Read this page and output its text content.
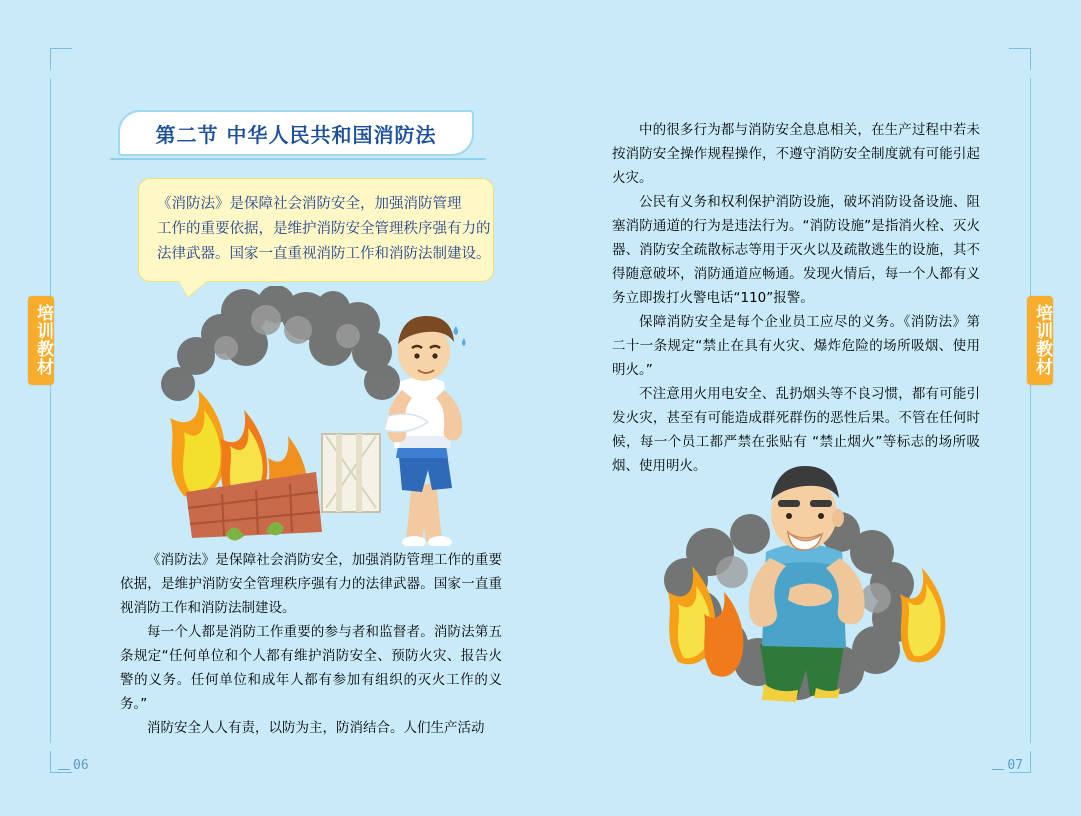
培训教材	培训教材
06	07
第二节 中华人民共和国消防法
《消防法》是保障社会消防安全，加强消防管理
工作的重要依据，是维护消防安全管理秩序强有力的
法律武器。国家一直重视消防工作和消防法制建设。

《消防法》是保障社会消防安全，加强消防管理工作的重要依据，是维护消防安全管理秩序强有力的法律武器。国家一直重视消防工作和消防法制建设。

每一个人都是消防工作重要的参与者和监督者。消防法第五条规定“任何单位和个人都有维护消防安全、预防火灾、报告火警的义务。任何单位和成年人都有参加有组织的灭火工作的义务。”

消防安全人人有责，以防为主，防消结合。人们生产活动

中的很多行为都与消防安全息息相关，在生产过程中若未按消防安全操作规程操作，不遵守消防安全制度就有可能引起火灾。

公民有义务和权利保护消防设施，破坏消防设备设施、阻塞消防通道的行为是违法行为。“消防设施”是指消火栓、灭火器、消防安全疏散标志等用于灭火以及疏散逃生的设施，其不得随意破坏，消防通道应畅通。发现火情后，每一个人都有义务立即拨打火警电话“110”报警。

保障消防安全是每个企业员工应尽的义务。《消防法》第二十一条规定“禁止在具有火灾、爆炸危险的场所吸烟、使用明火。”

不注意用火用电安全、乱扔烟头等不良习惯，都有可能引发火灾，甚至有可能造成群死群伤的恶性后果。不管在任何时候，每一个员工都严禁在张贴有 “禁止烟火”等标志的场所吸烟、使用明火。
